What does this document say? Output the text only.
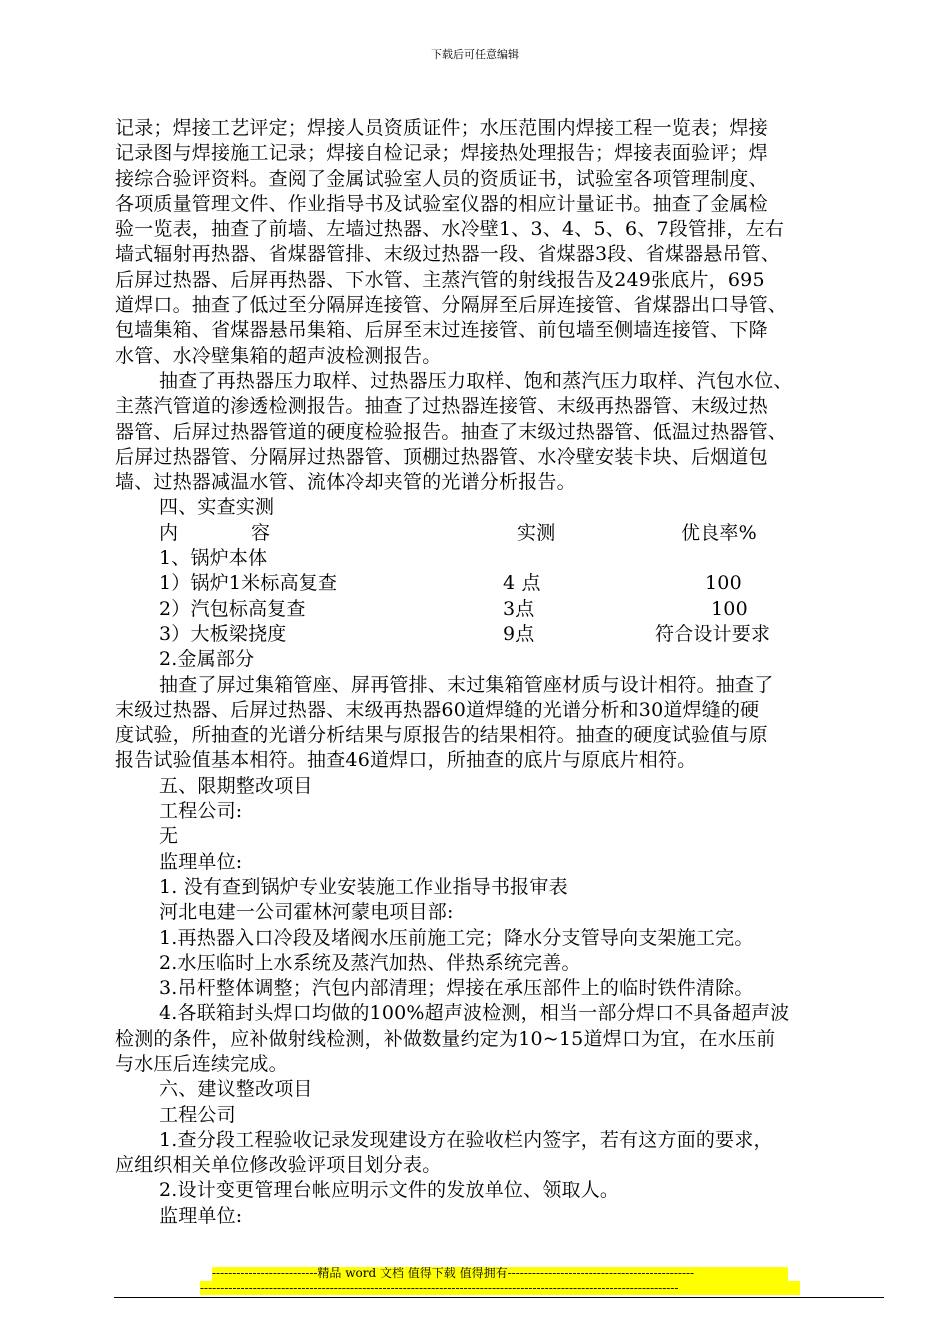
下载后可任意编辑
记录；焊接工艺评定；焊接人员资质证件；水压范围内焊接工程一览表；焊接
记录图与焊接施工记录；焊接自检记录；焊接热处理报告；焊接表面验评；焊
接综合验评资料。查阅了金属试验室人员的资质证书，试验室各项管理制度、
各项质量管理文件、作业指导书及试验室仪器的相应计量证书。抽查了金属检
验一览表，抽查了前墙、左墙过热器、水冷壁1、3、4、5、6、7段管排，左右
墙式辐射再热器、省煤器管排、末级过热器一段、省煤器3段、省煤器悬吊管、
后屏过热器、后屏再热器、下水管、主蒸汽管的射线报告及249张底片，695
道焊口。抽查了低过至分隔屏连接管、分隔屏至后屏连接管、省煤器出口导管、
包墙集箱、省煤器悬吊集箱、后屏至末过连接管、前包墙至侧墙连接管、下降
水管、水冷壁集箱的超声波检测报告。
抽查了再热器压力取样、过热器压力取样、饱和蒸汽压力取样、汽包水位、
主蒸汽管道的渗透检测报告。抽查了过热器连接管、末级再热器管、末级过热
器管、后屏过热器管道的硬度检验报告。抽查了末级过热器管、低温过热器管、
后屏过热器管、分隔屏过热器管、顶棚过热器管、水冷壁安装卡块、后烟道包
墙、过热器减温水管、流体冷却夹管的光谱分析报告。
四、实查实测
内	容	实测	优良率%
1、锅炉本体
1）锅炉1米标高复查	4 点	100
2）汽包标高复查	3点	100
3）大板梁挠度	9点	符合设计要求
2.金属部分
抽查了屏过集箱管座、屏再管排、末过集箱管座材质与设计相符。抽查了
末级过热器、后屏过热器、末级再热器60道焊缝的光谱分析和30道焊缝的硬
度试验，所抽查的光谱分析结果与原报告的结果相符。抽查的硬度试验值与原
报告试验值基本相符。抽查46道焊口，所抽查的底片与原底片相符。
五、限期整改项目
工程公司:
无
监理单位:
1. 没有查到锅炉专业安装施工作业指导书报审表
河北电建一公司霍林河蒙电项目部:
1.再热器入口冷段及堵阀水压前施工完；降水分支管导向支架施工完。
2.水压临时上水系统及蒸汽加热、伴热系统完善。
3.吊杆整体调整；汽包内部清理；焊接在承压部件上的临时铁件清除。
4.各联箱封头焊口均做的100%超声波检测，相当一部分焊口不具备超声波
检测的条件，应补做射线检测，补做数量约定为10~15道焊口为宜，在水压前
与水压后连续完成。
六、建议整改项目
工程公司
1.查分段工程验收记录发现建设方在验收栏内签字，若有这方面的要求，
应组织相关单位修改验评项目划分表。
2.设计变更管理台帐应明示文件的发放单位、领取人。
监理单位:
--------------------------精品 word 文档 值得下载 值得拥有----------------------------------------------
----------------------------------------------------------------------------------------------------------------------
